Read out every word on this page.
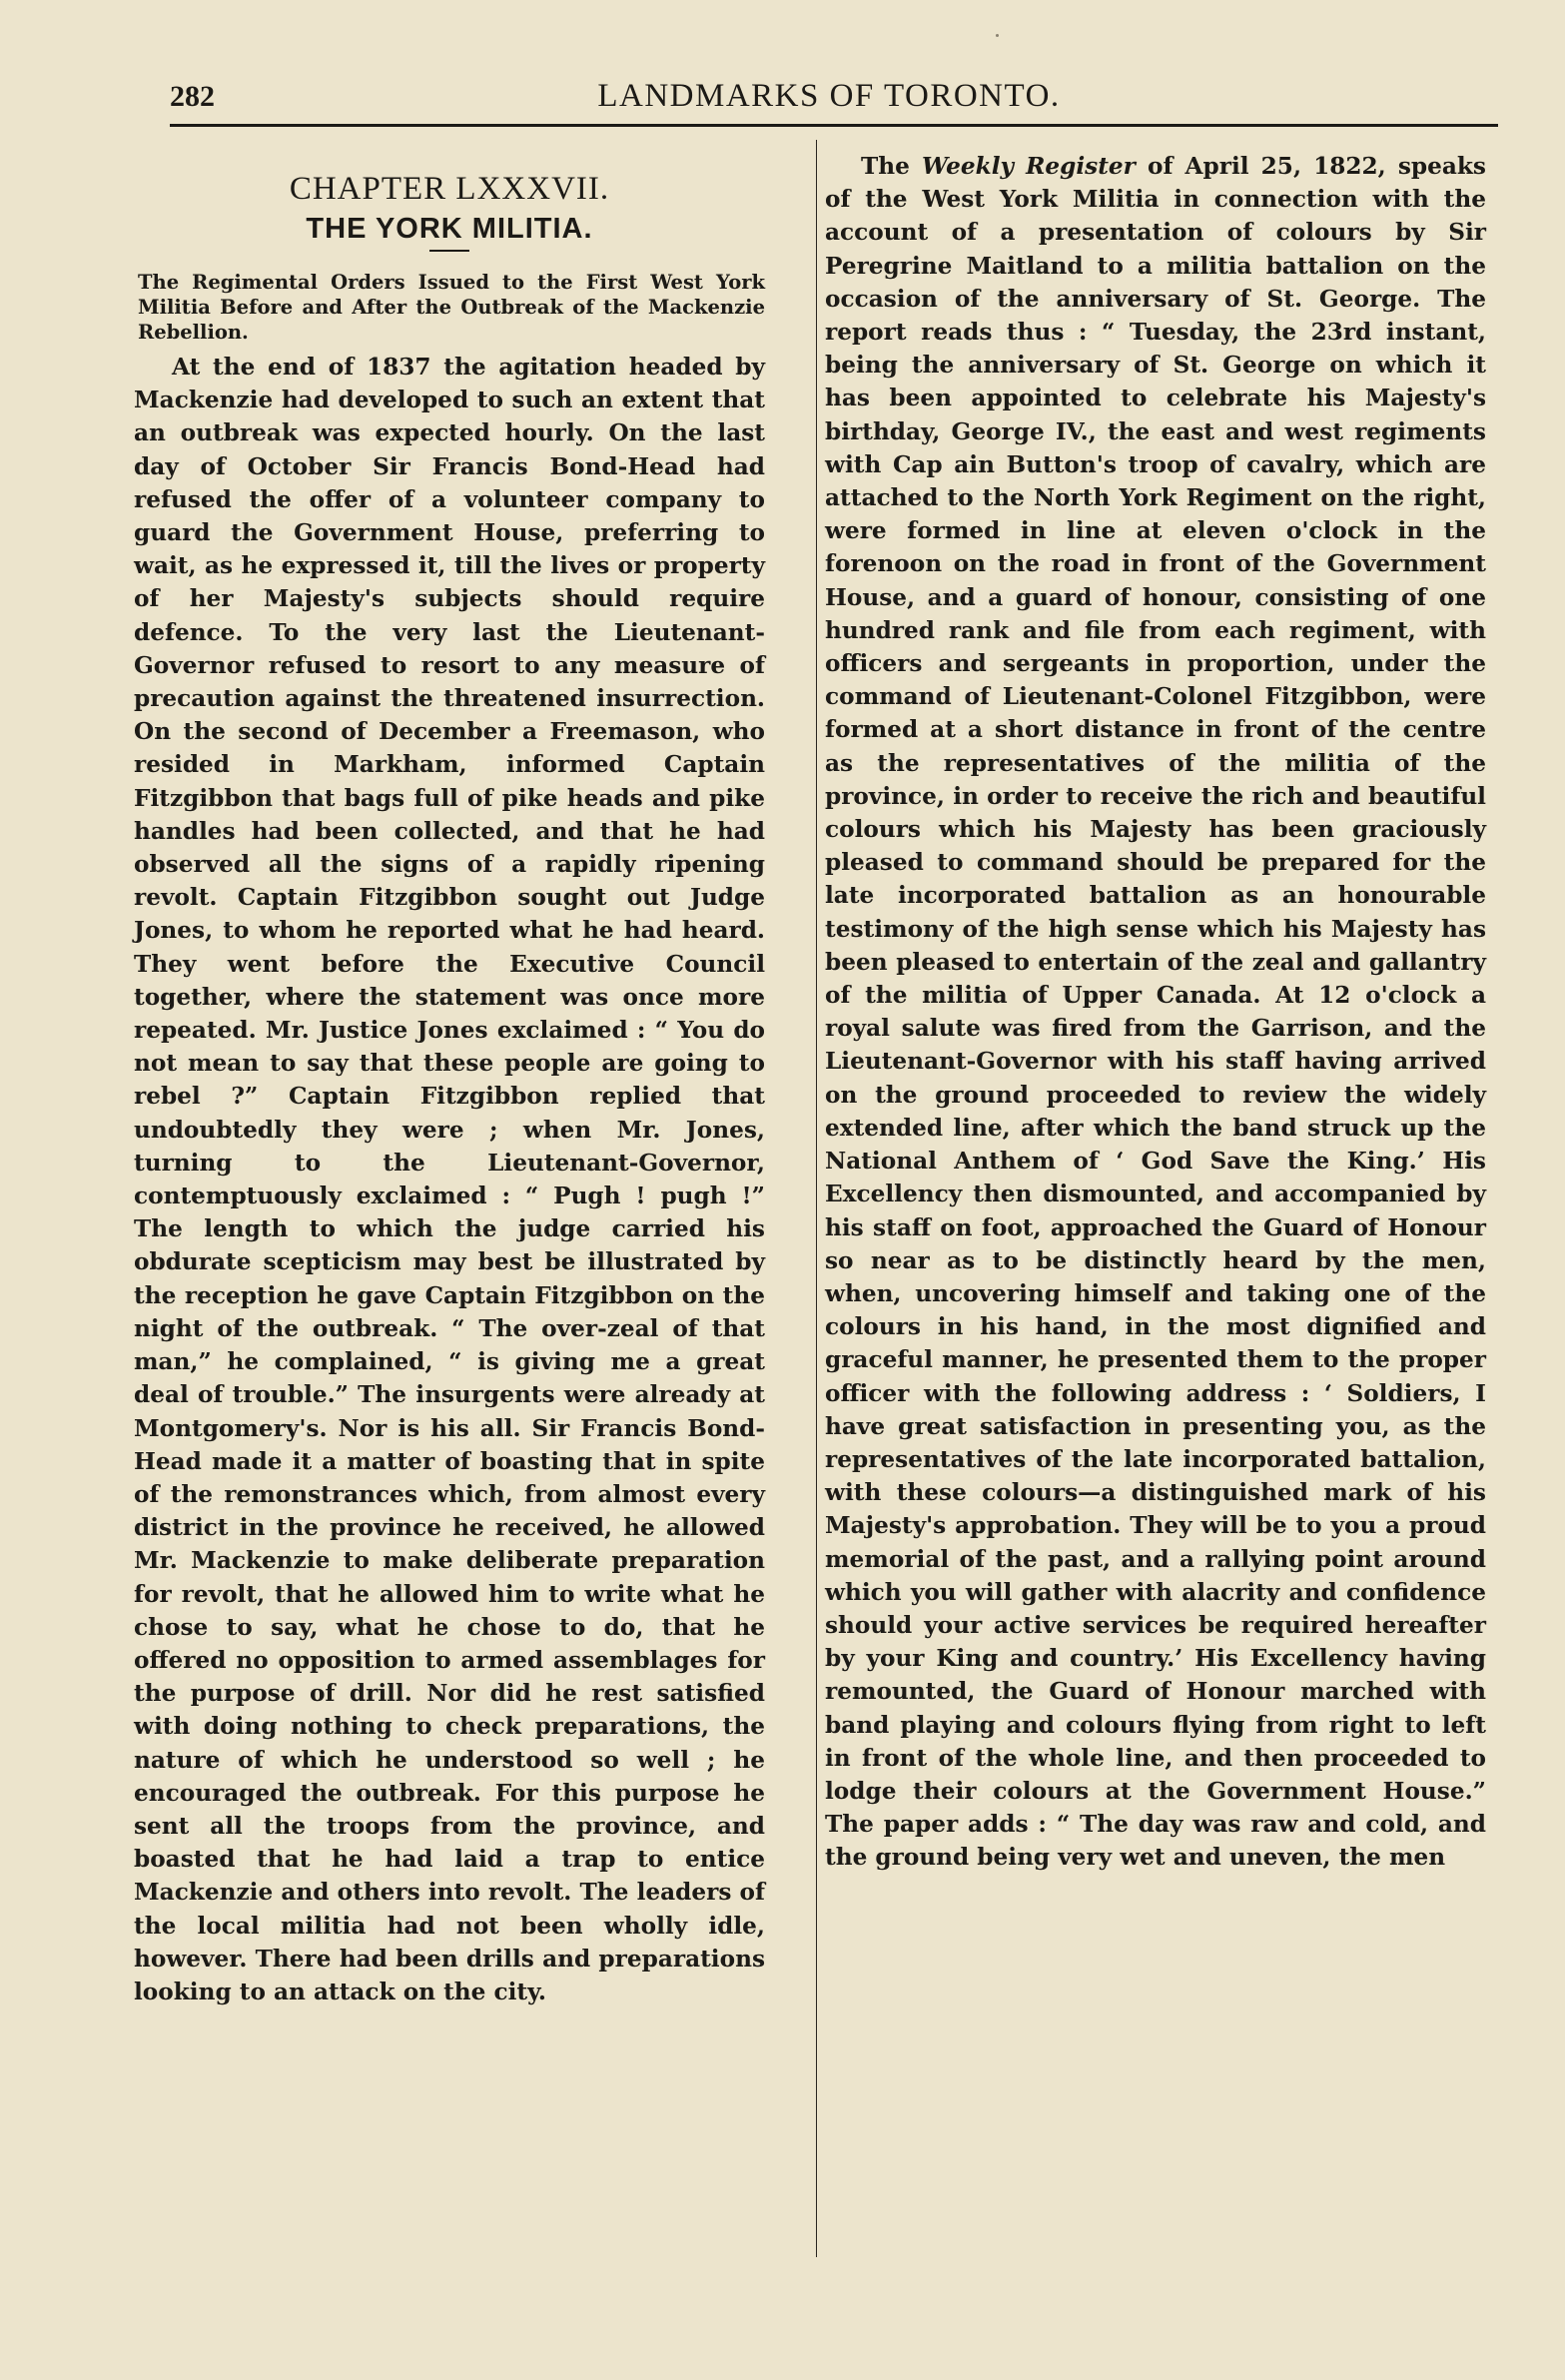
282	LANDMARKS OF TORONTO.
CHAPTER LXXXVII.
THE YORK MILITIA.

The Regimental Orders Issued to the First West York Militia Before and After the Outbreak of the Mackenzie Rebellion.

At the end of 1837 the agitation headed by Mackenzie had developed to such an extent that an outbreak was expected hourly. On the last day of October Sir Francis Bond-Head had refused the offer of a volunteer company to guard the Government House, preferring to wait, as he expressed it, till the lives or property of her Majesty's subjects should require defence. To the very last the Lieutenant-Governor refused to resort to any measure of precaution against the threatened insurrection. On the second of December a Freemason, who resided in Markham, informed Captain Fitzgibbon that bags full of pike heads and pike handles had been collected, and that he had observed all the signs of a rapidly ripening revolt. Captain Fitzgibbon sought out Judge Jones, to whom he reported what he had heard. They went before the Executive Council together, where the statement was once more repeated. Mr. Justice Jones exclaimed : “ You do not mean to say that these people are going to rebel ?” Captain Fitzgibbon replied that undoubtedly they were ; when Mr. Jones, turning to the Lieutenant-Governor, contemptuously exclaimed : “ Pugh ! pugh !” The length to which the judge carried his obdurate scepticism may best be illustrated by the reception he gave Captain Fitzgibbon on the night of the outbreak. “ The over-zeal of that man,” he complained, “ is giving me a great deal of trouble.” The insurgents were already at Montgomery's. Nor is his all. Sir Francis Bond-Head made it a matter of boasting that in spite of the remonstrances which, from almost every district in the province he received, he allowed Mr. Mackenzie to make deliberate preparation for revolt, that he allowed him to write what he chose to say, what he chose to do, that he offered no opposition to armed assemblages for the purpose of drill. Nor did he rest satisfied with doing nothing to check preparations, the nature of which he understood so well ; he encouraged the outbreak. For this purpose he sent all the troops from the province, and boasted that he had laid a trap to entice Mackenzie and others into revolt. The leaders of the local militia had not been wholly idle, however. There had been drills and preparations looking to an attack on the city.

The Weekly Register of April 25, 1822, speaks of the West York Militia in connection with the account of a presentation of colours by Sir Peregrine Maitland to a militia battalion on the occasion of the anniversary of St. George. The report reads thus : “ Tuesday, the 23rd instant, being the anniversary of St. George on which it has been appointed to celebrate his Majesty's birthday, George IV., the east and west regiments with Cap ain Button's troop of cavalry, which are attached to the North York Regiment on the right, were formed in line at eleven o'clock in the forenoon on the road in front of the Government House, and a guard of honour, consisting of one hundred rank and file from each regiment, with officers and sergeants in proportion, under the command of Lieutenant-Colonel Fitzgibbon, were formed at a short distance in front of the centre as the representatives of the militia of the province, in order to receive the rich and beautiful colours which his Majesty has been graciously pleased to command should be prepared for the late incorporated battalion as an honourable testimony of the high sense which his Majesty has been pleased to entertain of the zeal and gallantry of the militia of Upper Canada. At 12 o'clock a royal salute was fired from the Garrison, and the Lieutenant-Governor with his staff having arrived on the ground proceeded to review the widely extended line, after which the band struck up the National Anthem of ‘ God Save the King.’ His Excellency then dismounted, and accompanied by his staff on foot, approached the Guard of Honour so near as to be distinctly heard by the men, when, uncovering himself and taking one of the colours in his hand, in the most dignified and graceful manner, he presented them to the proper officer with the following address : ‘ Soldiers, I have great satisfaction in presenting you, as the representatives of the late incorporated battalion, with these colours—a distinguished mark of his Majesty's approbation. They will be to you a proud memorial of the past, and a rallying point around which you will gather with alacrity and confidence should your active services be required hereafter by your King and country.’ His Excellency having remounted, the Guard of Honour marched with band playing and colours flying from right to left in front of the whole line, and then proceeded to lodge their colours at the Government House.” The paper adds : “ The day was raw and cold, and the ground being very wet and uneven, the men
